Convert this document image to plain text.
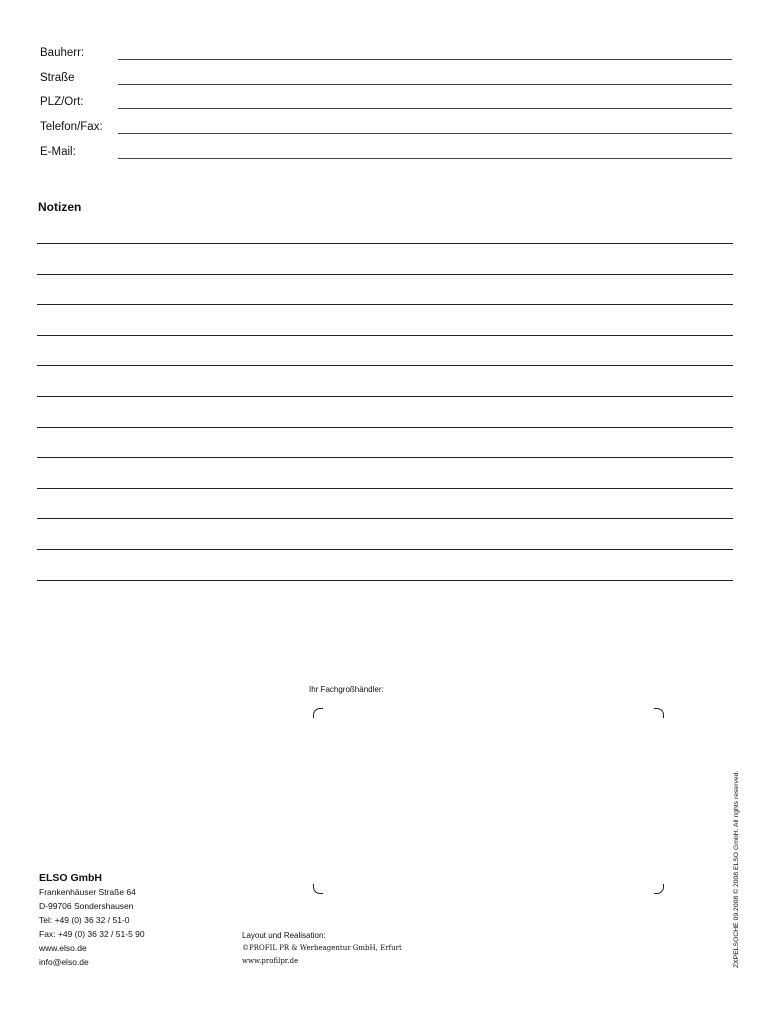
Bauherr:
Straße
PLZ/Ort:
Telefon/Fax:
E-Mail:
Notizen
Ihr Fachgroßhändler:
ELSO GmbH
Frankenhäuser Straße 64
D-99706 Sondershausen
Tel: +49 (0) 36 32 / 51-0
Fax: +49 (0) 36 32 / 51-5 90
www.elso.de
info@elso.de
Layout und Realisation:
©PROFIL PR & Werbeagentur GmbH, Erfurt
www.profilpr.de	ZXPELSOCHE 09.2008 © 2008 ELSO GmbH. All rights reserved.
